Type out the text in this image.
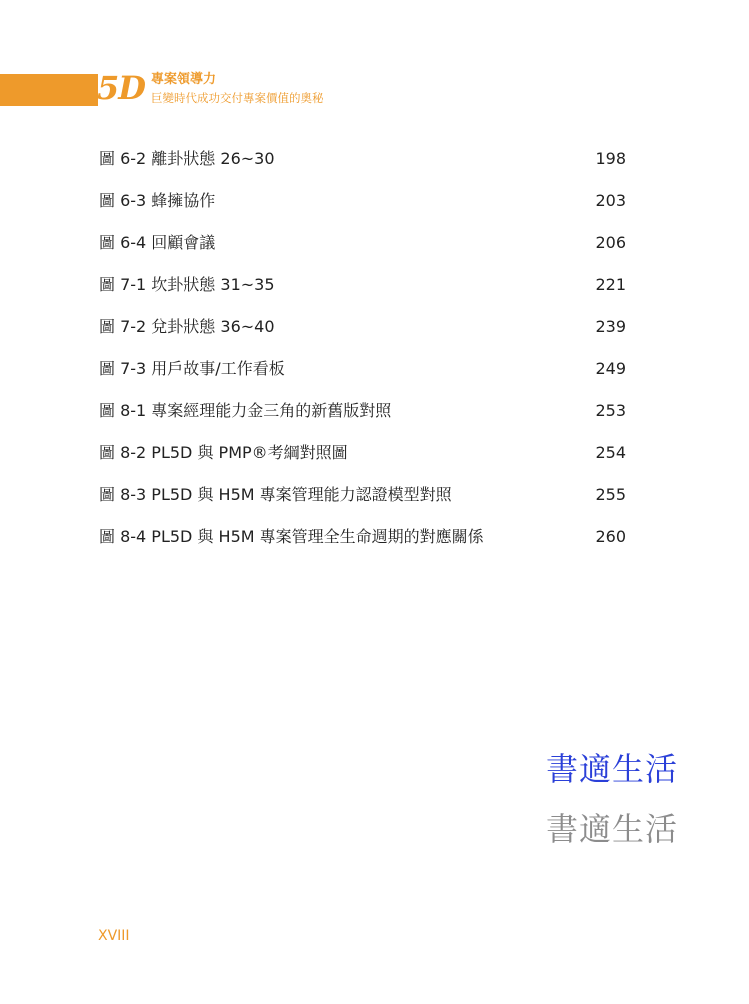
5D 專案領導力
巨變時代成功交付專案價值的奧秘
圖 6-2 離卦狀態 26~30	198
圖 6-3 蜂擁協作	203
圖 6-4 回顧會議	206
圖 7-1 坎卦狀態 31~35	221
圖 7-2 兌卦狀態 36~40	239
圖 7-3 用戶故事/工作看板	249
圖 8-1 專案經理能力金三角的新舊版對照	253
圖 8-2 PL5D 與 PMP®考綱對照圖	254
圖 8-3 PL5D 與 H5M 專案管理能力認證模型對照	255
圖 8-4 PL5D 與 H5M 專案管理全生命週期的對應關係	260
書適生活
書適生活
XVIII
